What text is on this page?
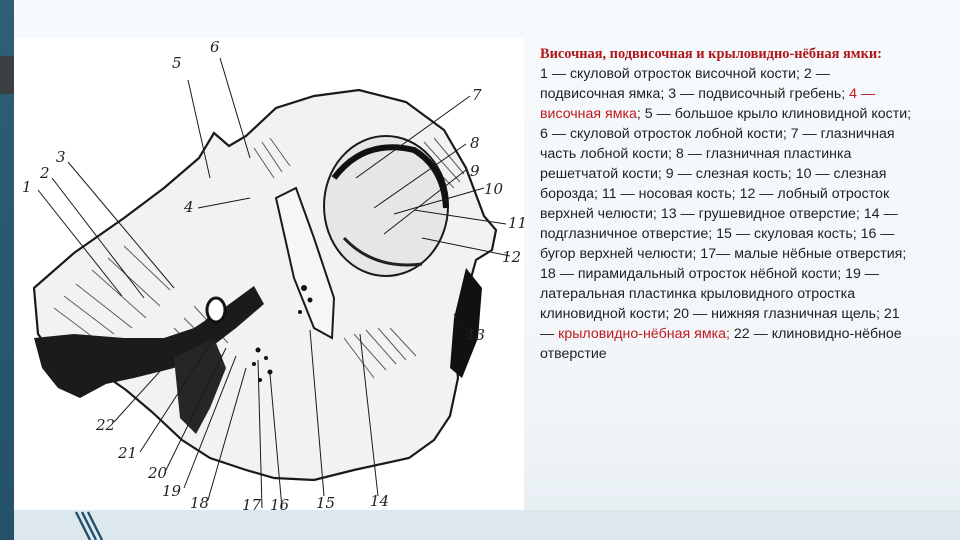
1
2
3
4
5
6
7
8
9
10
11
12
13
14
15
16
17
18
19
20
21
22
Височная, подвисочная и крыловидно-нёбная ямки:
1 — скуловой отросток височной кости; 2 — подвисочная ямка; 3 — подвисочный гребень; 4 — височная ямка; 5 — большое крыло клиновидной кости; 6 — скуловой отросток лобной кости; 7 — глазничная часть лобной кости; 8 — глазничная пластинка решетчатой кости; 9 — слезная кость; 10 — слезная борозда; 11 — носовая кость; 12 — лобный отросток верхней челюсти; 13 — грушевидное отверстие; 14 — подглазничное отверстие; 15 — скуловая кость; 16 — бугор верхней челюсти; 17— малые нёбные отверстия; 18 — пирамидальный отросток нёбной кости; 19 — латеральная пластинка крыловидного отростка клиновидной кости; 20 — нижняя глазничная щель; 21 — крыловидно-нёбная ямка; 22 — клиновидно-нёбное отверстие
